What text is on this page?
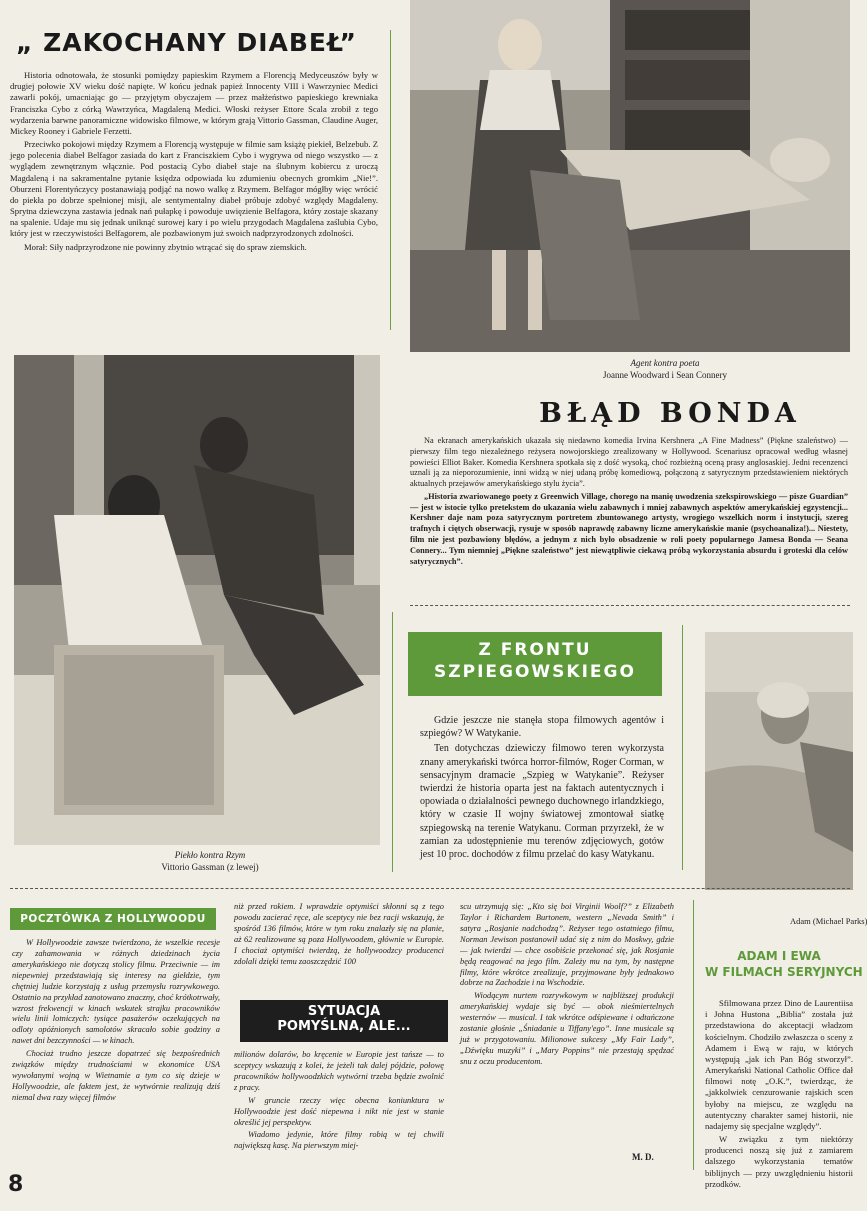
„ ZAKOCHANY DIABEŁ”

Historia odnotowała, że stosunki pomiędzy papieskim Rzymem a Florencją Medyceuszów były w drugiej połowie XV wieku dość napięte. W końcu jednak papież Innocenty VIII i Wawrzyniec Medici zawarli pokój, umacniając go — przyjętym obyczajem — przez małżeństwo papieskiego krewniaka Franciszka Cybo z córką Wawrzyńca, Magdaleną Medici. Włoski reżyser Ettore Scala zrobił z tego wydarzenia barwne panoramiczne widowisko filmowe, w którym grają Vittorio Gassman, Claudine Auger, Mickey Rooney i Gabriele Ferzetti.

Przeciwko pokojowi między Rzymem a Florencją występuje w filmie sam książę piekieł, Belzebub. Z jego polecenia diabeł Belfagor zasiada do kart z Franciszkiem Cybo i wygrywa od niego wszystko — z wyglądem zewnętrznym włącznie. Pod postacią Cybo diabeł staje na ślubnym kobiercu z uroczą Magdaleną i na sakramentalne pytanie księdza odpowiada ku zdumieniu obecnych gromkim „Nie!”. Oburzeni Florentyńczycy postanawiają podjąć na nowo walkę z Rzymem. Belfagor mógłby więc wrócić do piekła po dobrze spełnionej misji, ale sentymentalny diabeł próbuje zdobyć względy Magdaleny. Sprytna dziewczyna zastawia jednak nań pułapkę i powoduje uwięzienie Belfagora, który zostaje skazany na spalenie. Udaje mu się jednak uniknąć surowej kary i po wielu przygodach Magdalena zaślubia Cybo, który jest w rzeczywistości Belfagorem, ale pozbawionym już swoich nadprzyrodzonych zdolności.

Morał: Siły nadprzyrodzone nie powinny zbytnio wtrącać się do spraw ziemskich.

Agent kontra poeta
Joanne Woodward i Sean Connery
Piekło kontra Rzym
Vittorio Gassman (z lewej)
BŁĄD BONDA

Na ekranach amerykańskich ukazała się niedawno komedia Irvina Kershnera „A Fine Madness” (Piękne szaleństwo) — pierwszy film tego niezależnego reżysera nowojorskiego zrealizowany w Hollywood. Scenariusz opracował według własnej powieści Elliot Baker. Komedia Kershnera spotkała się z dość wysoką, choć rozbieżną oceną prasy anglosaskiej. Jedni recenzenci uznali ją za nieporozumienie, inni widzą w niej udaną próbę komediową, połączoną z satyrycznym przedstawieniem niektórych aktualnych przejawów amerykańskiego stylu życia”.

„Historia zwariowanego poety z Greenwich Village, chorego na manię uwodzenia szekspirowskiego — pisze Guardian” — jest w istocie tylko pretekstem do ukazania wielu zabawnych i mniej zabawnych aspektów amerykańskiej egzystencji... Kershner daje nam poza satyrycznym portretem zbuntowanego artysty, wrogiego wszelkich norm i instytucji, szereg trafnych i ciętych obserwacji, rysuje w sposób naprawdę zabawny liczne amerykańskie manie (psychoanaliza!)... Niestety, film nie jest pozbawiony błędów, a jednym z nich było obsadzenie w roli poety popularnego Jamesa Bonda — Seana Connery... Tym niemniej „Piękne szaleństwo” jest niewątpliwie ciekawą próbą wykorzystania absurdu i groteski dla celów satyrycznych”.

Z FRONTU
SZPIEGOWSKIEGO

Gdzie jeszcze nie stanęła stopa filmowych agentów i szpiegów? W Watykanie.

Ten dotychczas dziewiczy filmowo teren wykorzysta znany amerykański twórca horror-filmów, Roger Corman, w sensacyjnym dramacie „Szpieg w Watykanie”. Reżyser twierdzi że historia oparta jest na faktach autentycznych i opowiada o działalności pewnego duchownego irlandzkiego, który w czasie II wojny światowej zmontował siatkę szpiegowską na terenie Watykanu. Corman przyrzekł, że w zamian za udostępnienie mu terenów zdjęciowych, gotów jest 10 proc. dochodów z filmu przelać do kasy Watykanu.

Adam (Michael Parks)
ADAM I EWA
W FILMACH SERYJNYCH

Sfilmowana przez Dino de Laurentiisa i Johna Hustona „Biblia” została już przedstawiona do akceptacji władzom kościelnym. Chodziło zwłaszcza o sceny z Adamem i Ewą w raju, w których występują „jak ich Pan Bóg stworzył”. Amerykański National Catholic Office dał filmowi notę „O.K.”, twierdząc, że „jakkolwiek cenzurowanie rajskich scen byłoby na miejscu, ze względu na autentyczny charakter samej historii, nie nadajemy się specjalne względy”.

W związku z tym niektórzy producenci noszą się już z zamiarem dalszego wykorzystania tematów biblijnych — przy uwzględnieniu historii przodków.

POCZTÓWKA Z HOLLYWOODU

W Hollywoodzie zawsze twierdzono, że wszelkie recesje czy zahamowania w różnych dziedzinach życia amerykańskiego nie dotyczą stolicy filmu. Przeciwnie — im niepewniej przedstawiają się interesy na giełdzie, tym chętniej ludzie korzystają z usług przemysłu rozrywkowego. Ostatnio na przykład zanotowano znaczny, choć krótkotrwały, wzrost frekwencji w kinach wskutek strajku pracowników wielu linii lotniczych: tysiące pasażerów oczekujących na odloty opóźnionych samolotów skracało sobie godziny a nawet dni bezczynności — w kinach.

Chociaż trudno jeszcze dopatrzeć się bezpośrednich związków między trudnościami w ekonomice USA wywołanymi wojną w Wietnamie a tym co się dzieje w Hollywoodzie, ale faktem jest, że wytwórnie realizują dziś niemal dwa razy więcej filmów

niż przed rokiem. I wprawdzie optymiści skłonni są z tego powodu zacierać ręce, ale sceptycy nie bez racji wskazują, że spośród 136 filmów, które w tym roku znalazły się na planie, aż 62 realizowane są poza Hollywoodem, głównie w Europie. I chociaż optymiści twierdzą, że hollywoodzcy producenci zdolali dzięki temu zaoszczędzić 100

SYTUACJA
POMYŚLNA, ALE...

milionów dolarów, bo kręcenie w Europie jest tańsze — to sceptycy wskazują z kolei, że jeżeli tak dalej pójdzie, połowę pracowników hollywoodzkich wytwórni trzeba będzie zwolnić z pracy.

W gruncie rzeczy więc obecna koniunktura w Hollywoodzie jest dość niepewna i nikt nie jest w stanie określić jej perspektyw.

Wiadomo jedynie, które filmy robią w tej chwili największą kasę. Na pierwszym miej-

scu utrzymują się: „Kto się boi Virginii Woolf?” z Elizabeth Taylor i Richardem Burtonem, western „Nevada Smith” i satyra „Rosjanie nadchodzą”. Reżyser tego ostatniego filmu, Norman Jewison postanowił udać się z nim do Moskwy, gdzie — jak twierdzi — chce osobiście przekonać się, jak Rosjanie będą reagować na jego film. Zależy mu na tym, by następne filmy, które wkrótce zrealizuje, przyjmowane były jednakowo dobrze na Zachodzie i na Wschodzie.

Wiodącym nurtem rozrywkowym w najbliższej produkcji amerykańskiej wydaje się być — obok nieśmiertelnych westernów — musical. I tak wkrótce odśpiewane i odtańczone zostanie głośnie „Śniadanie u Tiffany'ego”. Inne musicale są już w przygotowaniu. Milionowe sukcesy „My Fair Lady”, „Dźwięku muzyki” i „Mary Poppins” nie przestają spędzać snu z oczu producentom.

M. D.
8
